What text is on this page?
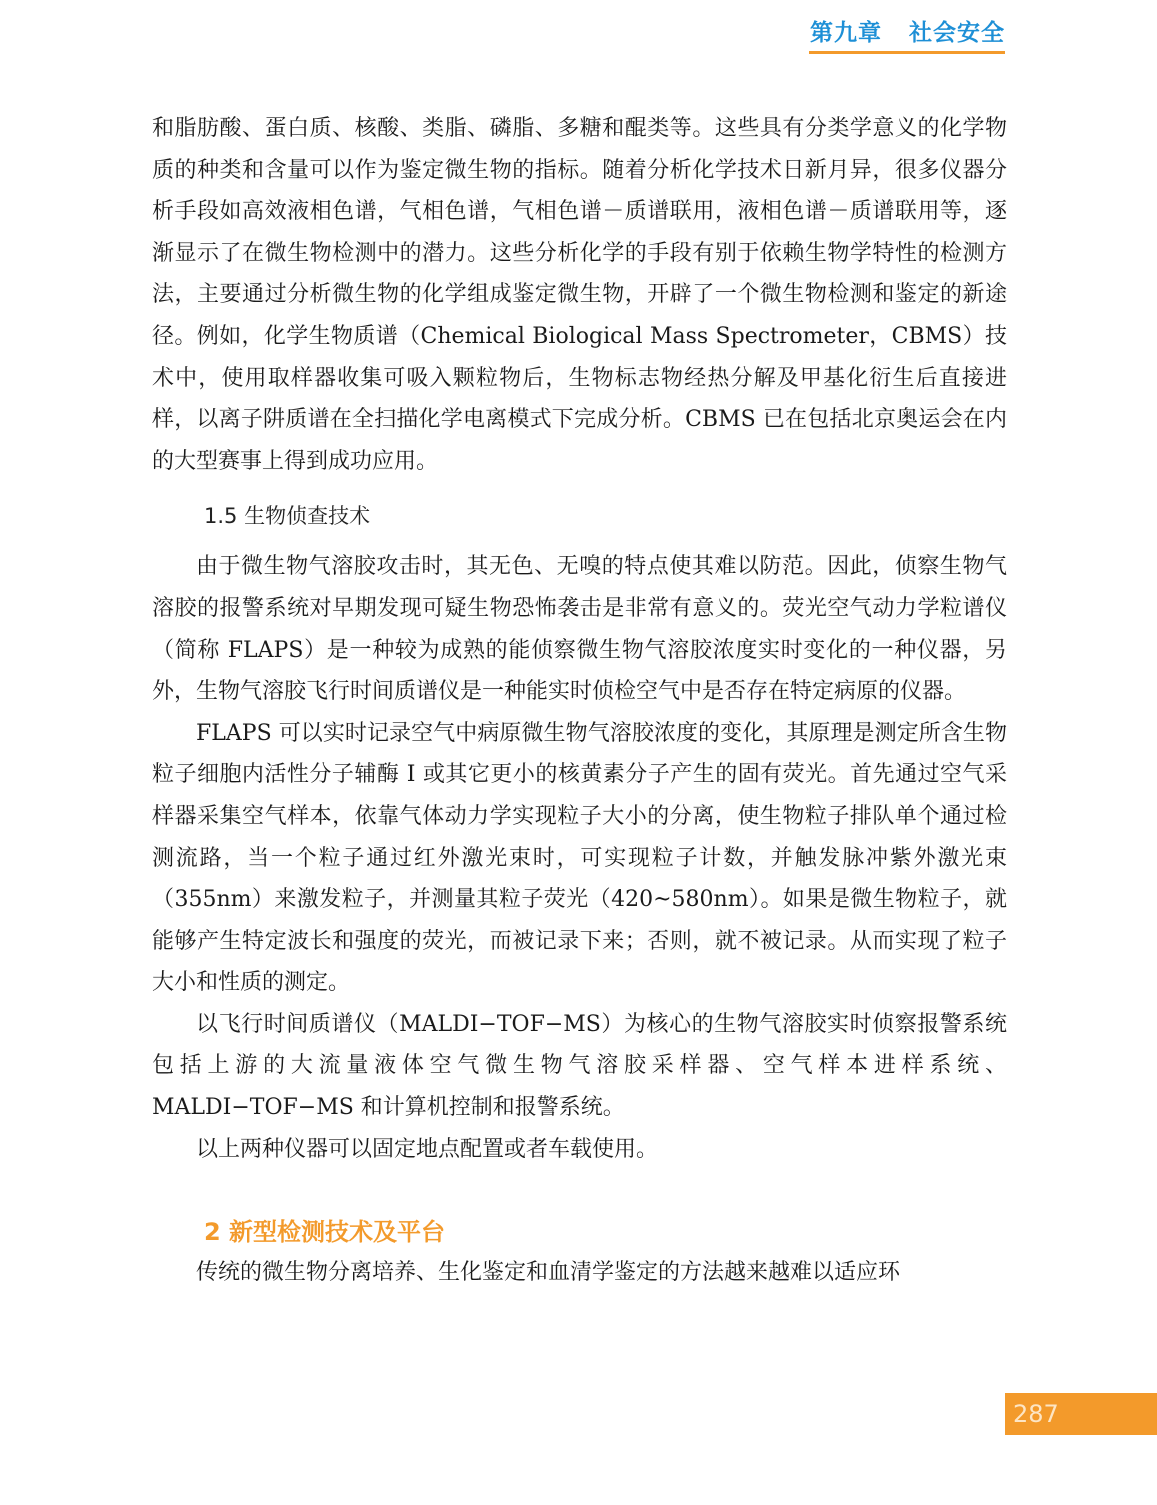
第九章 社会安全

和脂肪酸、蛋白质、核酸、类脂、磷脂、多糖和醌类等。这些具有分类学意义的化学物质的种类和含量可以作为鉴定微生物的指标。随着分析化学技术日新月异，很多仪器分析手段如高效液相色谱，气相色谱，气相色谱－质谱联用，液相色谱－质谱联用等，逐渐显示了在微生物检测中的潜力。这些分析化学的手段有别于依赖生物学特性的检测方法，主要通过分析微生物的化学组成鉴定微生物，开辟了一个微生物检测和鉴定的新途径。例如，化学生物质谱（Chemical Biological Mass Spectrometer，CBMS）技术中，使用取样器收集可吸入颗粒物后，生物标志物经热分解及甲基化衍生后直接进样，以离子阱质谱在全扫描化学电离模式下完成分析。CBMS 已在包括北京奥运会在内的大型赛事上得到成功应用。

1.5 生物侦查技术

由于微生物气溶胶攻击时，其无色、无嗅的特点使其难以防范。因此，侦察生物气溶胶的报警系统对早期发现可疑生物恐怖袭击是非常有意义的。荧光空气动力学粒谱仪（简称 FLAPS）是一种较为成熟的能侦察微生物气溶胶浓度实时变化的一种仪器，另外，生物气溶胶飞行时间质谱仪是一种能实时侦检空气中是否存在特定病原的仪器。

FLAPS 可以实时记录空气中病原微生物气溶胶浓度的变化，其原理是测定所含生物粒子细胞内活性分子辅酶 I 或其它更小的核黄素分子产生的固有荧光。首先通过空气采样器采集空气样本，依靠气体动力学实现粒子大小的分离，使生物粒子排队单个通过检测流路，当一个粒子通过红外激光束时，可实现粒子计数，并触发脉冲紫外激光束（355nm）来激发粒子，并测量其粒子荧光（420~580nm）。如果是微生物粒子，就能够产生特定波长和强度的荧光，而被记录下来；否则，就不被记录。从而实现了粒子大小和性质的测定。

以飞行时间质谱仪（MALDI−TOF−MS）为核心的生物气溶胶实时侦察报警系统包括上游的大流量液体空气微生物气溶胶采样器、空气样本进样系统、MALDI−TOF−MS 和计算机控制和报警系统。

以上两种仪器可以固定地点配置或者车载使用。

2 新型检测技术及平台

传统的微生物分离培养、生化鉴定和血清学鉴定的方法越来越难以适应环

287
